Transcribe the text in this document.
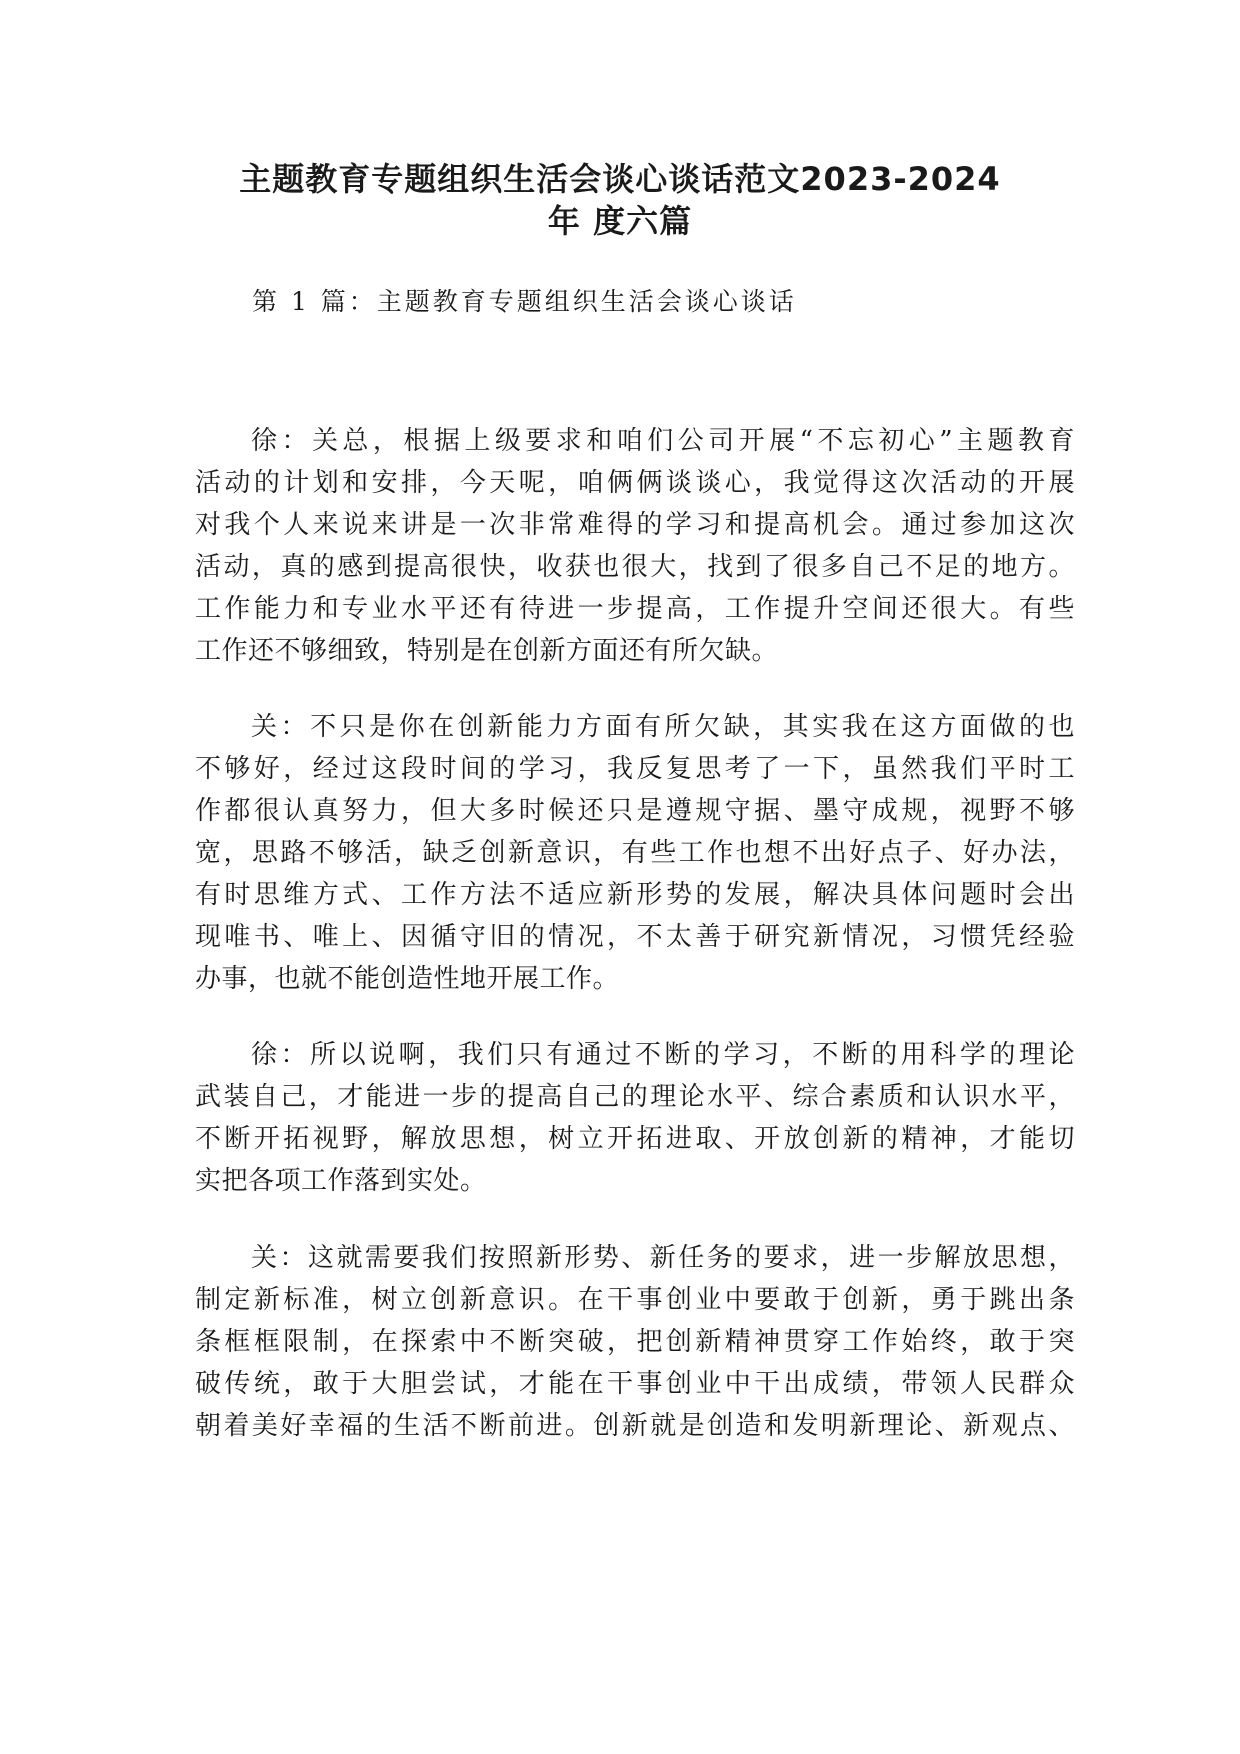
主题教育专题组织生活会谈心谈话范文2023-2024
年 度六篇
第 1 篇：主题教育专题组织生活会谈心谈话
徐：关总，根据上级要求和咱们公司开展“不忘初心”主题教育
活动的计划和安排，今天呢，咱俩俩谈谈心，我觉得这次活动的开展
对我个人来说来讲是一次非常难得的学习和提高机会。通过参加这次
活动，真的感到提高很快，收获也很大，找到了很多自己不足的地方。
工作能力和专业水平还有待进一步提高，工作提升空间还很大。有些
工作还不够细致，特别是在创新方面还有所欠缺。
关：不只是你在创新能力方面有所欠缺，其实我在这方面做的也
不够好，经过这段时间的学习，我反复思考了一下，虽然我们平时工
作都很认真努力，但大多时候还只是遵规守据、墨守成规，视野不够
宽，思路不够活，缺乏创新意识，有些工作也想不出好点子、好办法，
有时思维方式、工作方法不适应新形势的发展，解决具体问题时会出
现唯书、唯上、因循守旧的情况，不太善于研究新情况，习惯凭经验
办事，也就不能创造性地开展工作。
徐：所以说啊，我们只有通过不断的学习，不断的用科学的理论
武装自己，才能进一步的提高自己的理论水平、综合素质和认识水平，
不断开拓视野，解放思想，树立开拓进取、开放创新的精神，才能切
实把各项工作落到实处。
关：这就需要我们按照新形势、新任务的要求，进一步解放思想，
制定新标准，树立创新意识。在干事创业中要敢于创新，勇于跳出条
条框框限制，在探索中不断突破，把创新精神贯穿工作始终，敢于突
破传统，敢于大胆尝试，才能在干事创业中干出成绩，带领人民群众
朝着美好幸福的生活不断前进。创新就是创造和发明新理论、新观点、
